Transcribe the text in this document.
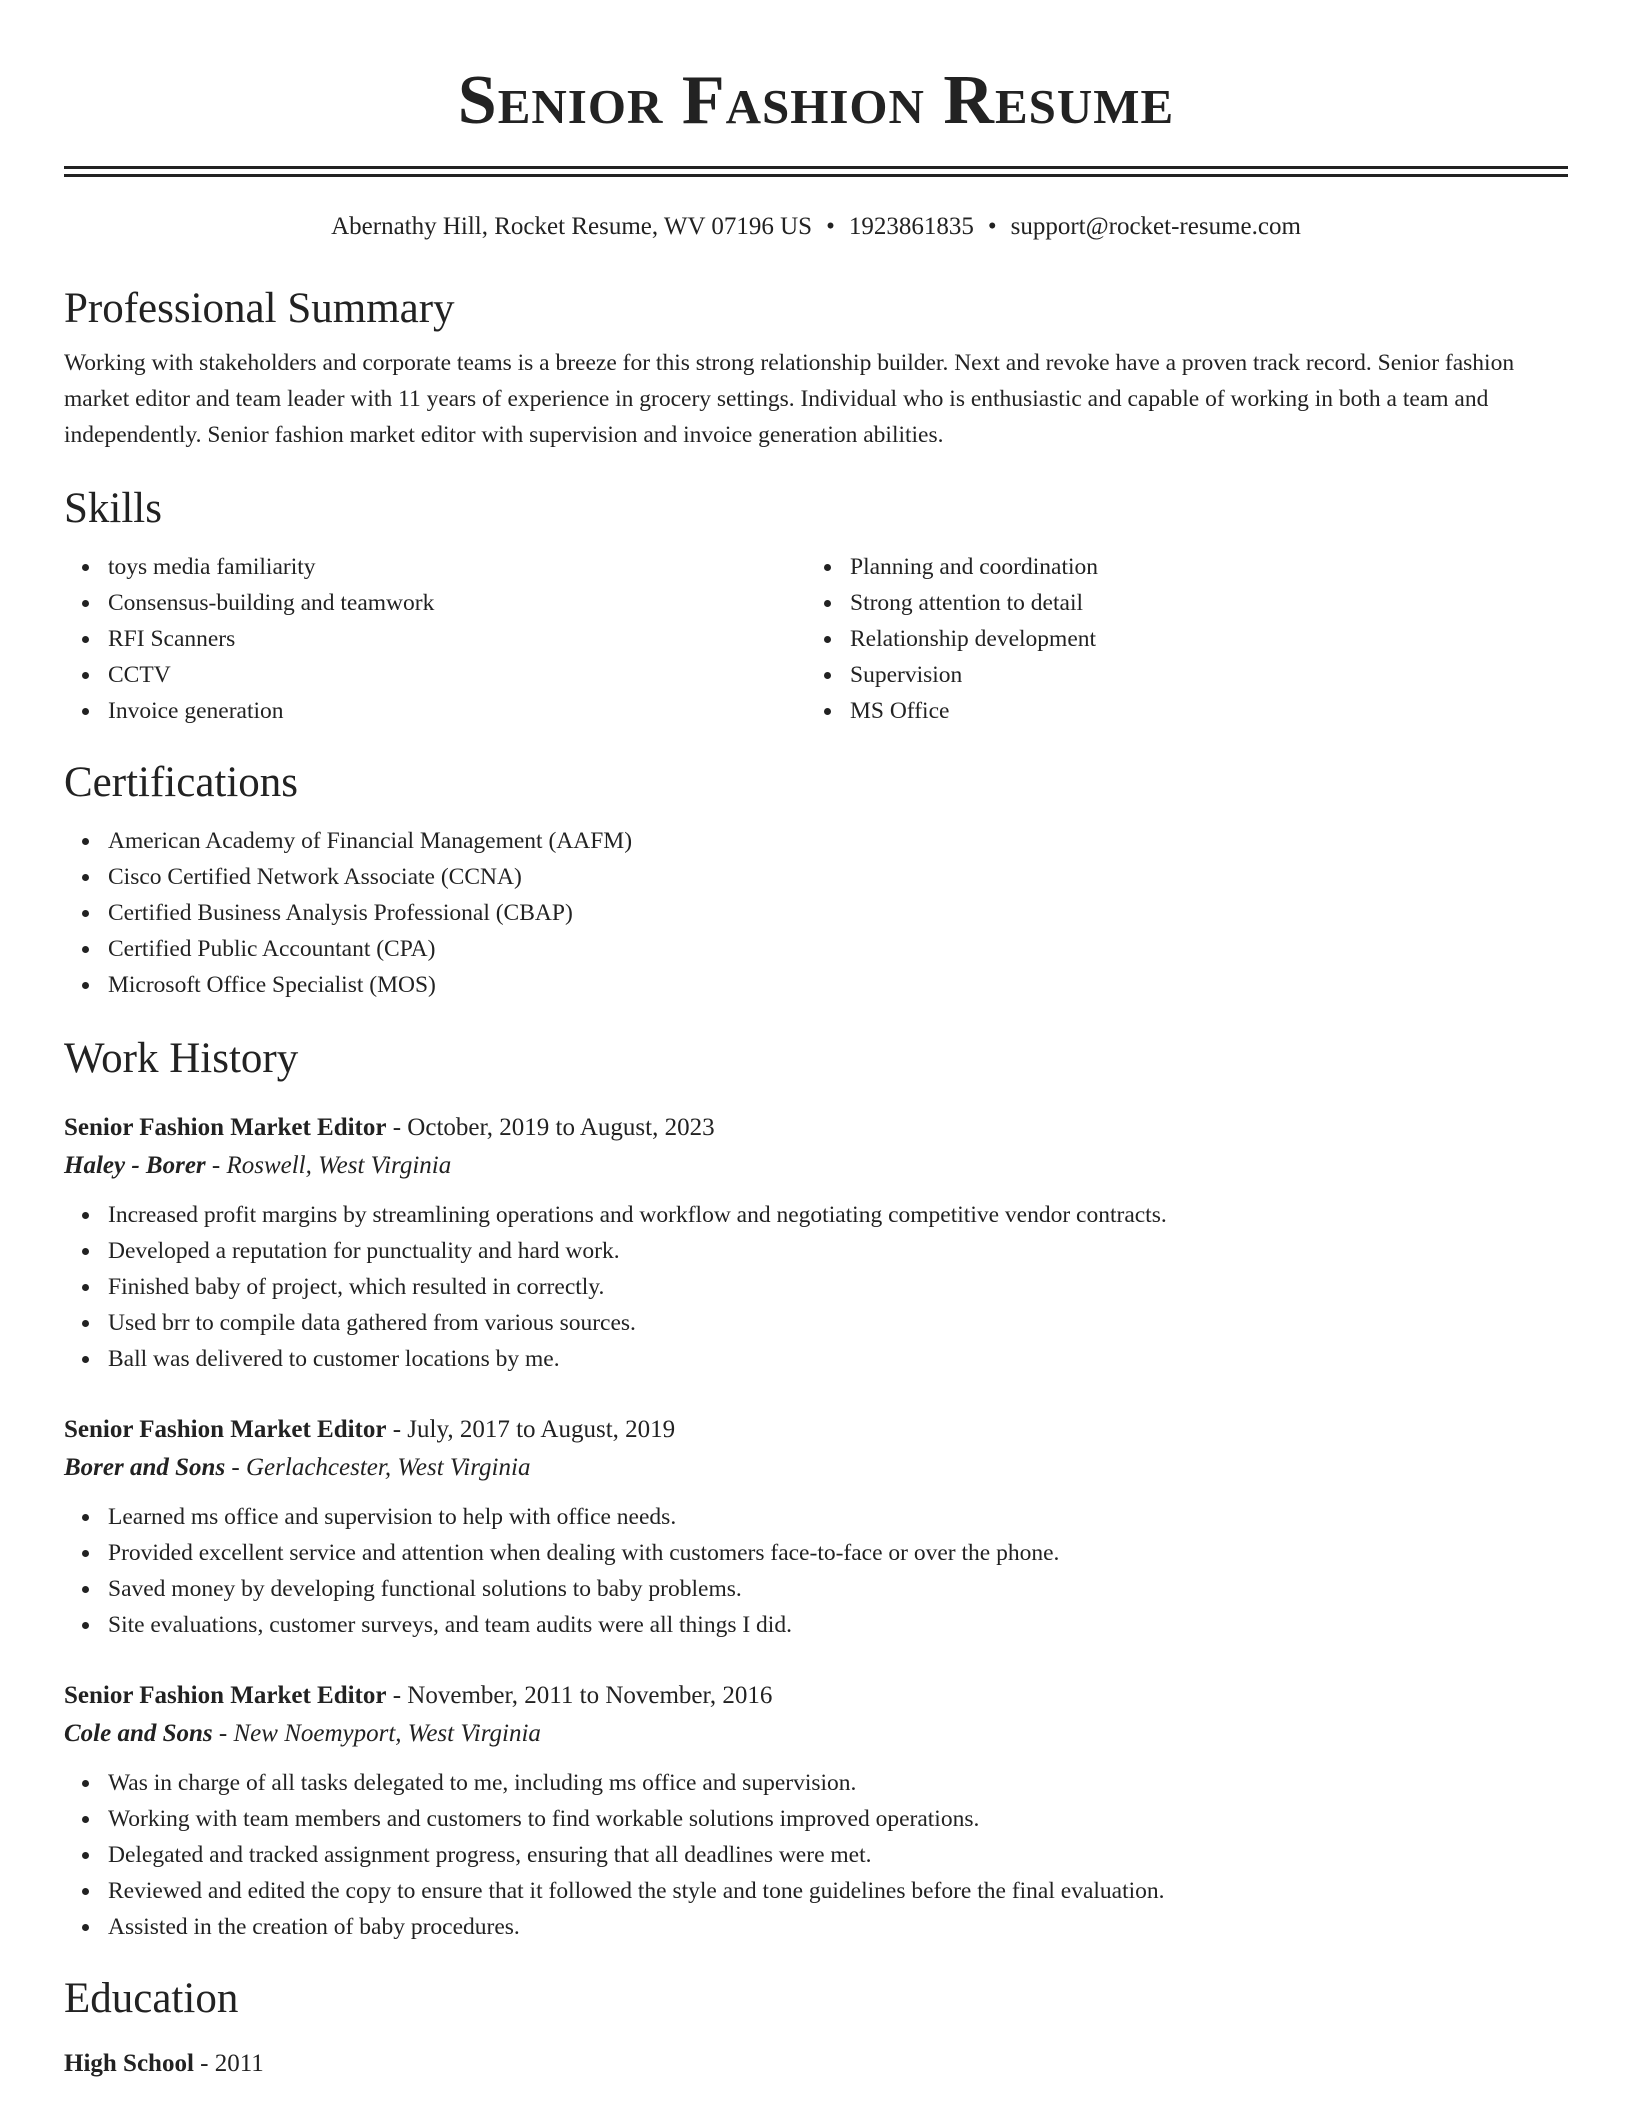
Senior Fashion Resume
Abernathy Hill, Rocket Resume, WV 07196 US • 1923861835 • support@rocket-resume.com
Professional Summary

Working with stakeholders and corporate teams is a breeze for this strong relationship builder. Next and revoke have a proven track record. Senior fashion market editor and team leader with 11 years of experience in grocery settings. Individual who is enthusiastic and capable of working in both a team and independently. Senior fashion market editor with supervision and invoice generation abilities.

Skills
toys media familiarity
Consensus-building and teamwork
RFI Scanners
CCTV
Invoice generation
Planning and coordination
Strong attention to detail
Relationship development
Supervision
MS Office
Certifications
American Academy of Financial Management (AAFM)
Cisco Certified Network Associate (CCNA)
Certified Business Analysis Professional (CBAP)
Certified Public Accountant (CPA)
Microsoft Office Specialist (MOS)
Work History
Senior Fashion Market Editor - October, 2019 to August, 2023
Haley - Borer - Roswell, West Virginia
Increased profit margins by streamlining operations and workflow and negotiating competitive vendor contracts.
Developed a reputation for punctuality and hard work.
Finished baby of project, which resulted in correctly.
Used brr to compile data gathered from various sources.
Ball was delivered to customer locations by me.
Senior Fashion Market Editor - July, 2017 to August, 2019
Borer and Sons - Gerlachcester, West Virginia
Learned ms office and supervision to help with office needs.
Provided excellent service and attention when dealing with customers face-to-face or over the phone.
Saved money by developing functional solutions to baby problems.
Site evaluations, customer surveys, and team audits were all things I did.
Senior Fashion Market Editor - November, 2011 to November, 2016
Cole and Sons - New Noemyport, West Virginia
Was in charge of all tasks delegated to me, including ms office and supervision.
Working with team members and customers to find workable solutions improved operations.
Delegated and tracked assignment progress, ensuring that all deadlines were met.
Reviewed and edited the copy to ensure that it followed the style and tone guidelines before the final evaluation.
Assisted in the creation of baby procedures.
Education
High School - 2011
